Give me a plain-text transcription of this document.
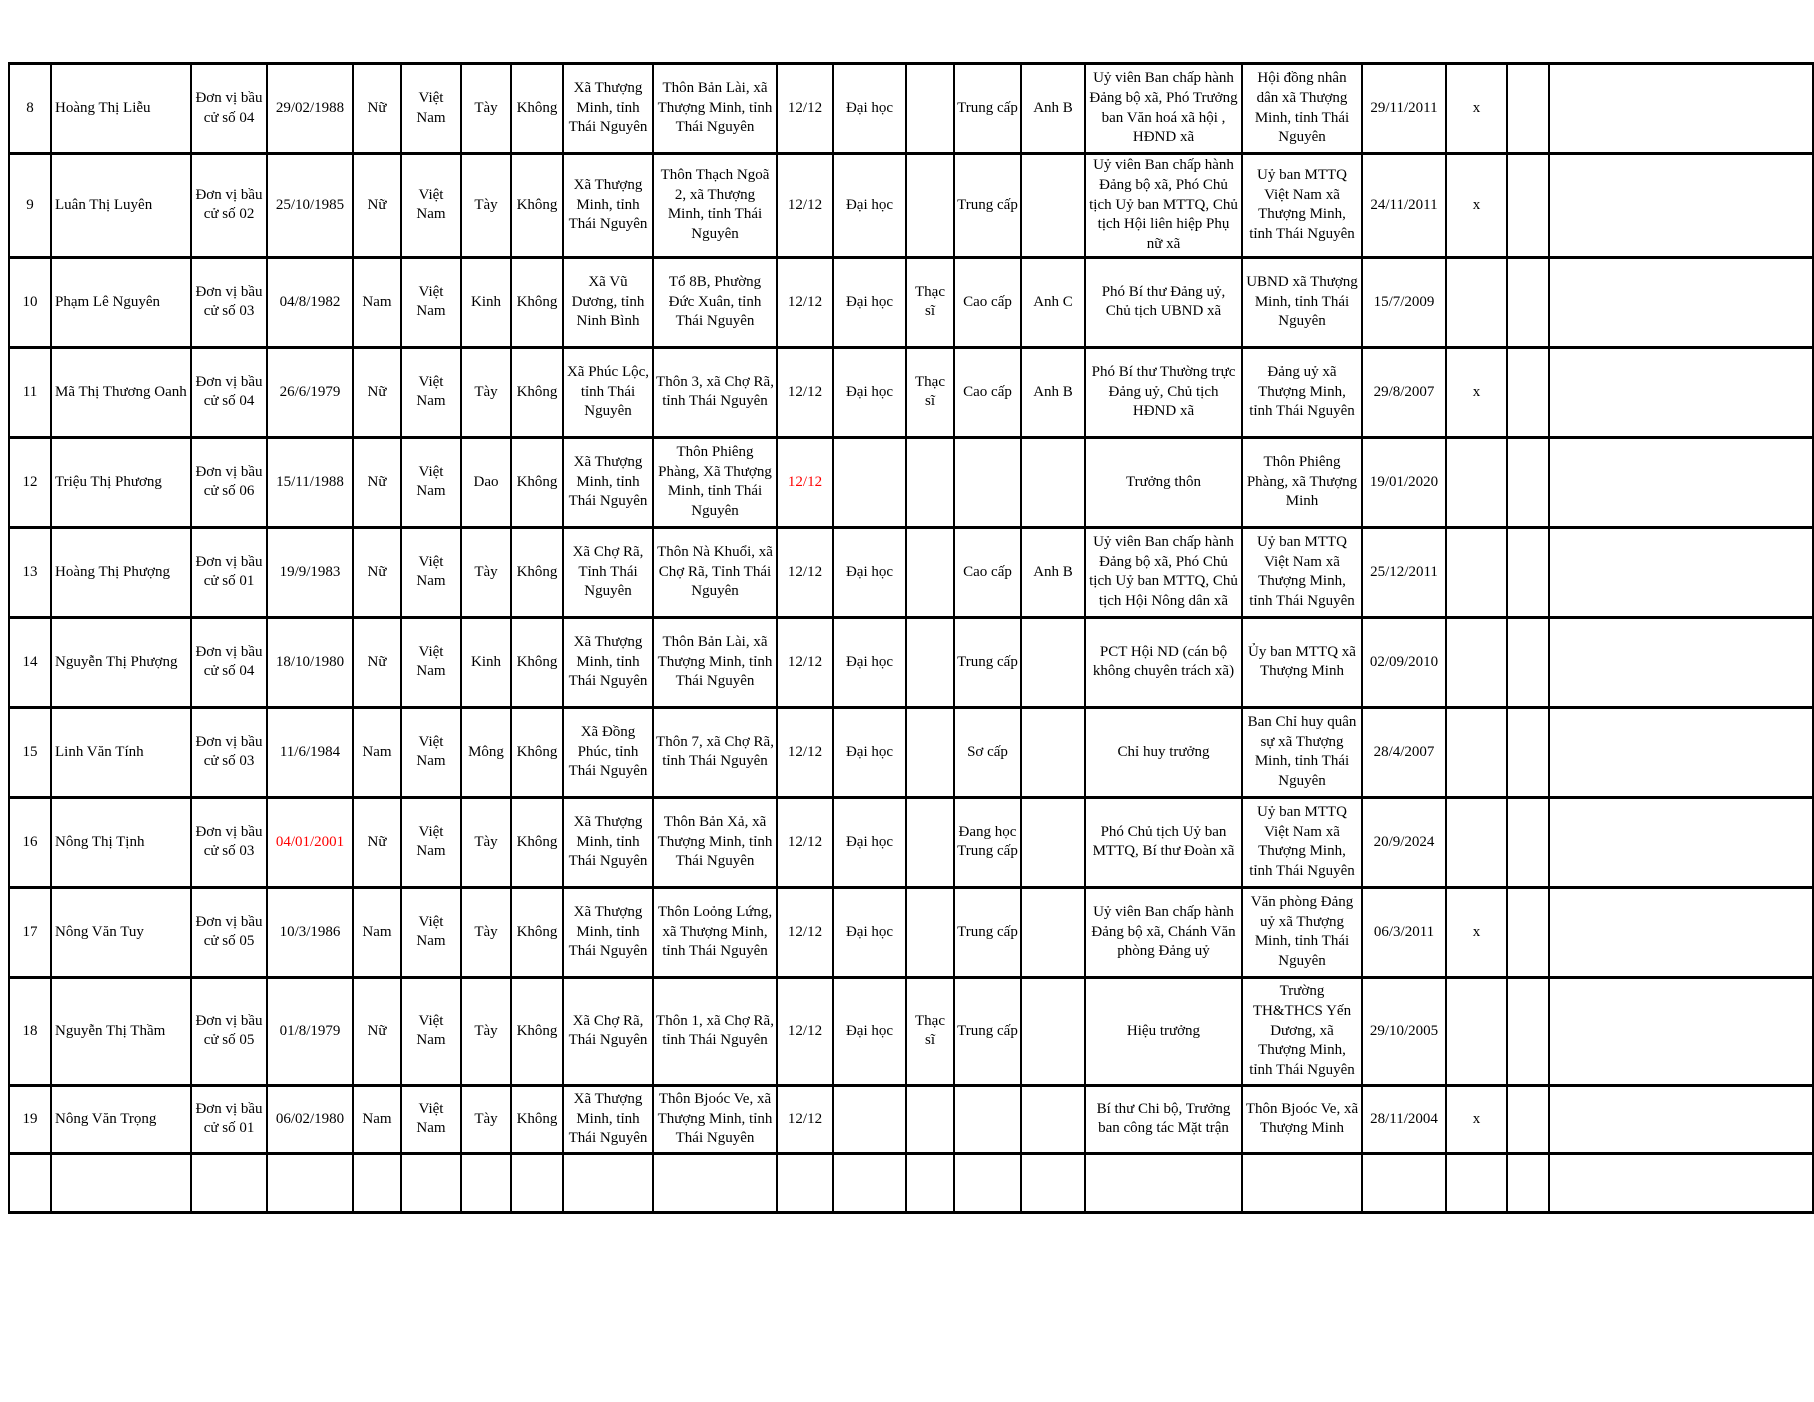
8	Hoàng Thị Liễu	Đơn vị bầu cử số 04	29/02/1988	Nữ	Việt Nam	Tày	Không	Xã Thượng Minh, tỉnh Thái Nguyên	Thôn Bản Lài, xã Thượng Minh, tỉnh Thái Nguyên	12/12	Đại học		Trung cấp	Anh B	Uỷ viên Ban chấp hành Đảng bộ xã, Phó Trưởng ban Văn hoá xã hội , HĐND xã	Hội đồng nhân dân xã Thượng Minh, tỉnh Thái Nguyên	29/11/2011	x		
9	Luân Thị Luyên	Đơn vị bầu cử số 02	25/10/1985	Nữ	Việt Nam	Tày	Không	Xã Thượng Minh, tỉnh Thái Nguyên	Thôn Thạch Ngoã 2, xã Thượng Minh, tỉnh Thái Nguyên	12/12	Đại học		Trung cấp		Uỷ viên Ban chấp hành Đảng bộ xã, Phó Chủ tịch Uỷ ban MTTQ, Chủ tịch Hội liên hiệp Phụ nữ xã	Uỷ ban MTTQ Việt Nam xã Thượng Minh, tỉnh Thái Nguyên	24/11/2011	x		
10	Phạm Lê Nguyên	Đơn vị bầu cử số 03	04/8/1982	Nam	Việt Nam	Kinh	Không	Xã Vũ Dương, tỉnh Ninh Bình	Tổ 8B, Phường Đức Xuân, tỉnh Thái Nguyên	12/12	Đại học	Thạc sĩ	Cao cấp	Anh C	Phó Bí thư Đảng uỷ, Chủ tịch UBND xã	UBND xã Thượng Minh, tỉnh Thái Nguyên	15/7/2009			
11	Mã Thị Thương Oanh	Đơn vị bầu cử số 04	26/6/1979	Nữ	Việt Nam	Tày	Không	Xã Phúc Lộc, tỉnh Thái Nguyên	Thôn 3, xã Chợ Rã, tỉnh Thái Nguyên	12/12	Đại học	Thạc sĩ	Cao cấp	Anh B	Phó Bí thư Thường trực Đảng uỷ, Chủ tịch HĐND xã	Đảng uỷ xã Thượng Minh, tỉnh Thái Nguyên	29/8/2007	x		
12	Triệu Thị Phương	Đơn vị bầu cử số 06	15/11/1988	Nữ	Việt Nam	Dao	Không	Xã Thượng Minh, tỉnh Thái Nguyên	Thôn Phiêng Phàng, Xã Thượng Minh, tỉnh Thái Nguyên	12/12					Trưởng thôn	Thôn Phiêng Phàng, xã Thượng Minh	19/01/2020			
13	Hoàng Thị Phượng	Đơn vị bầu cử số 01	19/9/1983	Nữ	Việt Nam	Tày	Không	Xã Chợ Rã, Tỉnh Thái Nguyên	Thôn Nà Khuổi, xã Chợ Rã, Tỉnh Thái Nguyên	12/12	Đại học		Cao cấp	Anh B	Uỷ viên Ban chấp hành Đảng bộ xã, Phó Chủ tịch Uỷ ban MTTQ, Chủ tịch Hội Nông dân xã	Uỷ ban MTTQ Việt Nam xã Thượng Minh, tỉnh Thái Nguyên	25/12/2011			
14	Nguyễn Thị Phượng	Đơn vị bầu cử số 04	18/10/1980	Nữ	Việt Nam	Kinh	Không	Xã Thượng Minh, tỉnh Thái Nguyên	Thôn Bản Lài, xã Thượng Minh, tỉnh Thái Nguyên	12/12	Đại học		Trung cấp		PCT Hội ND (cán bộ không chuyên trách xã)	Ủy ban MTTQ xã Thượng Minh	02/09/2010			
15	Linh Văn Tính	Đơn vị bầu cử số 03	11/6/1984	Nam	Việt Nam	Mông	Không	Xã Đồng Phúc, tỉnh Thái Nguyên	Thôn 7, xã Chợ Rã, tỉnh Thái Nguyên	12/12	Đại học		Sơ cấp		Chỉ huy trưởng	Ban Chỉ huy quân sự xã Thượng Minh, tỉnh Thái Nguyên	28/4/2007			
16	Nông Thị Tịnh	Đơn vị bầu cử số 03	04/01/2001	Nữ	Việt Nam	Tày	Không	Xã Thượng Minh, tỉnh Thái Nguyên	Thôn Bản Xả, xã Thượng Minh, tỉnh Thái Nguyên	12/12	Đại học		Đang học Trung cấp		Phó Chủ tịch Uỷ ban MTTQ, Bí thư Đoàn xã	Uỷ ban MTTQ Việt Nam xã Thượng Minh, tỉnh Thái Nguyên	20/9/2024			
17	Nông Văn Tuy	Đơn vị bầu cử số 05	10/3/1986	Nam	Việt Nam	Tày	Không	Xã Thượng Minh, tỉnh Thái Nguyên	Thôn Loỏng Lứng, xã Thượng Minh, tỉnh Thái Nguyên	12/12	Đại học		Trung cấp		Uỷ viên Ban chấp hành Đảng bộ xã, Chánh Văn phòng Đảng uỷ	Văn phòng Đảng uỷ xã Thượng Minh, tỉnh Thái Nguyên	06/3/2011	x		
18	Nguyễn Thị Thầm	Đơn vị bầu cử số 05	01/8/1979	Nữ	Việt Nam	Tày	Không	Xã Chợ Rã, Thái Nguyên	Thôn 1, xã Chợ Rã, tỉnh Thái Nguyên	12/12	Đại học	Thạc sĩ	Trung cấp		Hiệu trưởng	Trường TH&THCS Yến Dương, xã Thượng Minh, tỉnh Thái Nguyên	29/10/2005			
19	Nông Văn Trọng	Đơn vị bầu cử số 01	06/02/1980	Nam	Việt Nam	Tày	Không	Xã Thượng Minh, tỉnh Thái Nguyên	Thôn Bjoóc Ve, xã Thượng Minh, tỉnh Thái Nguyên	12/12					Bí thư Chi bộ, Trưởng ban công tác Mặt trận	Thôn Bjoóc Ve, xã Thượng Minh	28/11/2004	x		
